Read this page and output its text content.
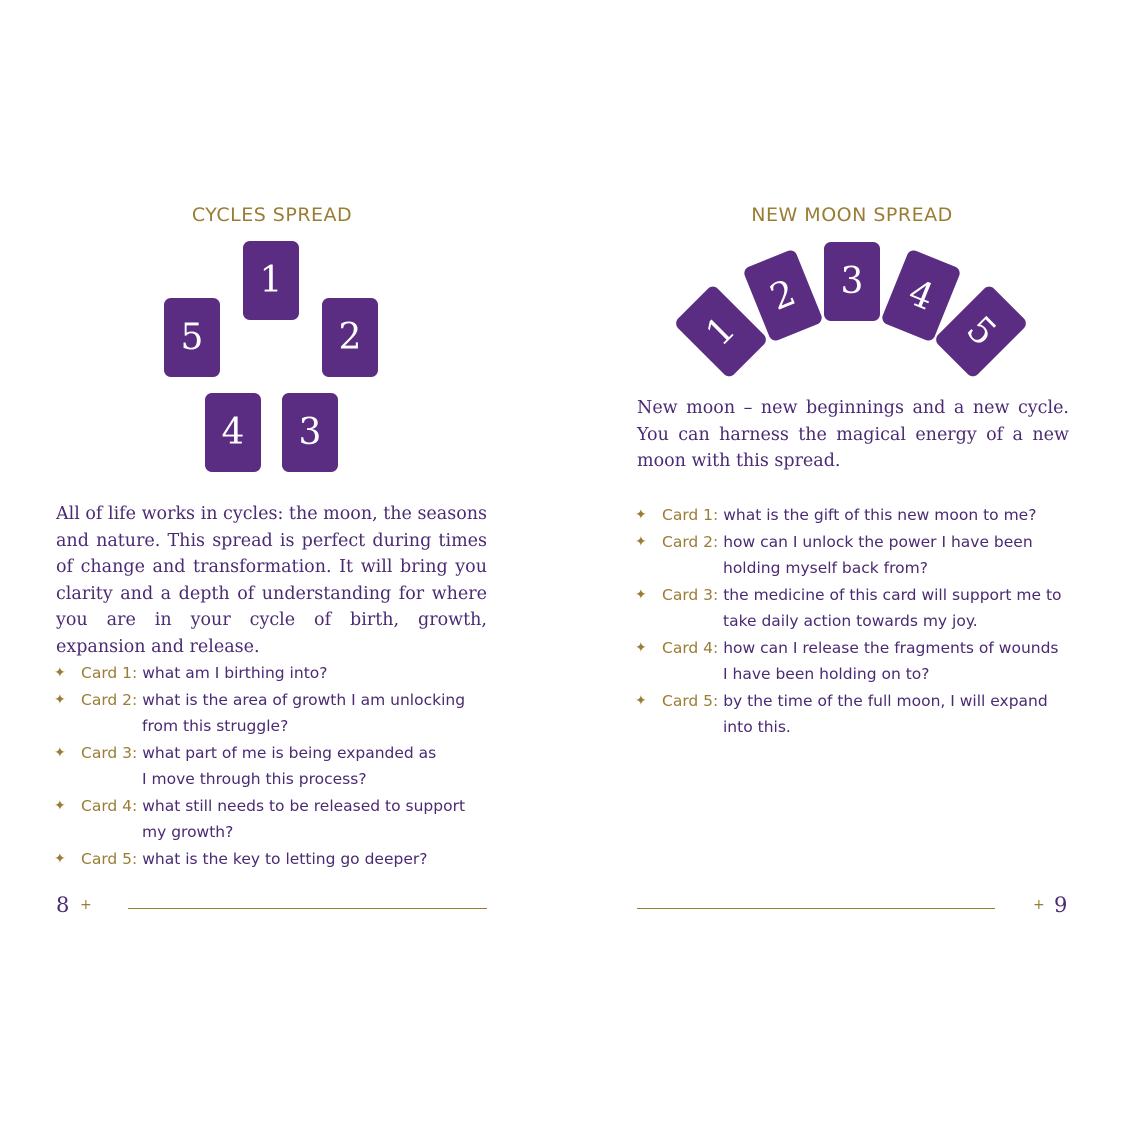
CYCLES SPREAD
1
2
3
4
5

All of life works in cycles: the moon, the seasons and nature. This spread is perfect during times of change and transformation. It will bring you clarity and a depth of understanding for where you are in your cycle of birth, growth, expansion and release.

✦ Card 1: what am I birthing into?
✦ Card 2: what is the area of growth I am unlocking
from this struggle?
✦ Card 3: what part of me is being expanded as
I move through this process?
✦ Card 4: what still needs to be released to support
my growth?
✦ Card 5: what is the key to letting go deeper?

8 +
NEW MOON SPREAD
1
2	3	4
5

New moon – new beginnings and a new cycle. You can harness the magical energy of a new moon with this spread.

✦ Card 1: what is the gift of this new moon to me?
✦ Card 2: how can I unlock the power I have been
holding myself back from?
✦ Card 3: the medicine of this card will support me to
take daily action towards my joy.
✦ Card 4: how can I release the fragments of wounds
I have been holding on to?
✦ Card 5: by the time of the full moon, I will expand
into this.
+ 9
